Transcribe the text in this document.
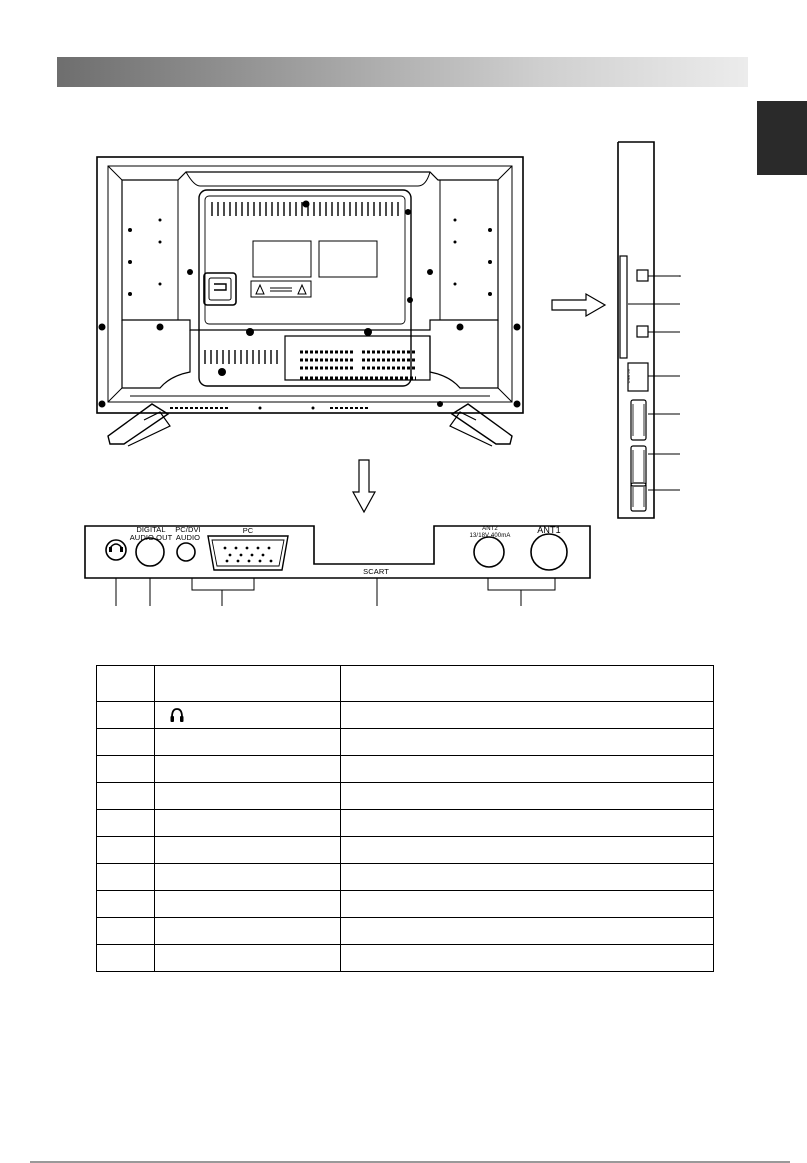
DIGITAL
AUDIO OUT
PC/DVI
AUDIO
PC
SCART
ANT2
13/18V 400mA
ANT1
USB 5V
